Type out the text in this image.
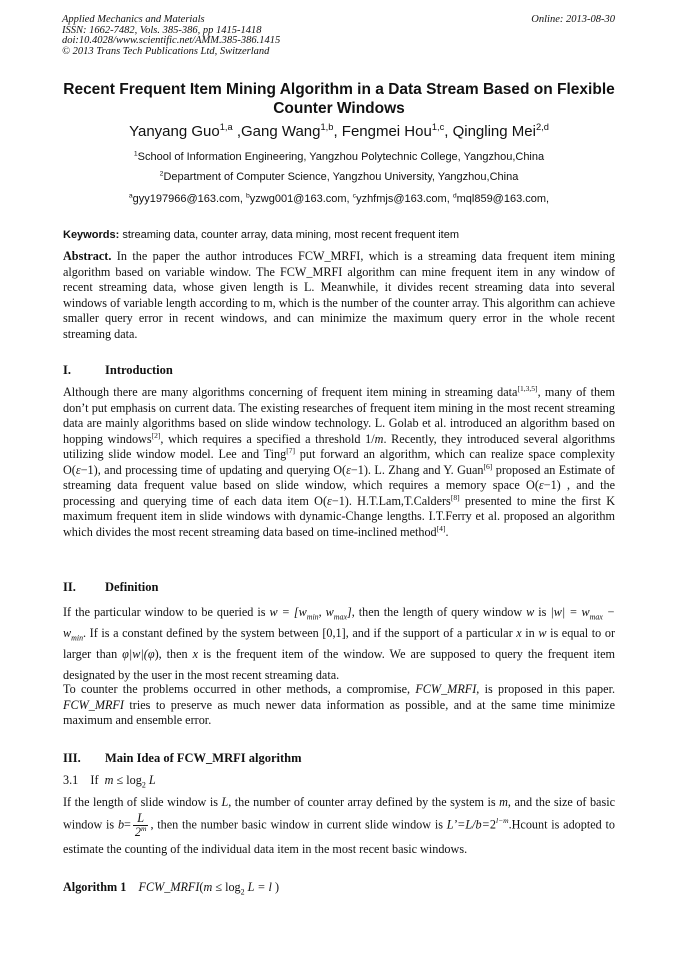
Applied Mechanics and Materials
ISSN: 1662-7482, Vols. 385-386, pp 1415-1418
doi:10.4028/www.scientific.net/AMM.385-386.1415
© 2013 Trans Tech Publications Ltd, Switzerland
Online: 2013-08-30
Recent Frequent Item Mining Algorithm in a Data Stream Based on Flexible Counter Windows
Yanyang Guo$^{1,a}$ ,Gang Wang$^{1,b}$, Fengmei Hou$^{1,c}$, Qingling Mei$^{2,d}$
$^1$School of Information Engineering, Yangzhou Polytechnic College, Yangzhou,China
$^2$Department of Computer Science, Yangzhou University, Yangzhou,China
$^a$gyy197966@163.com, $^b$yzwg001@163.com, $^c$yzhfmjs@163.com, $^d$mql859@163.com,
Keywords: streaming data, counter array, data mining, most recent frequent item
Abstract. In the paper the author introduces FCW_MRFI, which is a streaming data frequent item mining algorithm based on variable window. The FCW_MRFI algorithm can mine frequent item in any window of recent streaming data, whose given length is L. Meanwhile, it divides recent streaming data into several windows of variable length according to m, which is the number of the counter array. This algorithm can achieve smaller query error in recent windows, and can minimize the maximum query error in the whole recent streaming data.
I.	Introduction
Although there are many algorithms concerning of frequent item mining in streaming data[1,3,5], many of them don’t put emphasis on current data. The existing researches of frequent item mining in the most recent streaming data are mainly algorithms based on slide window technology. L. Golab et al. introduced an algorithm based on hopping windows[2], which requires a specified a threshold 1/m. Recently, they introduced several algorithms utilizing slide window model. Lee and Ting[7] put forward an algorithm, which can realize space complexity O(ε−1), and processing time of updating and querying O(ε−1). L. Zhang and Y. Guan[6] proposed an Estimate of streaming data frequent value based on slide window, which requires a memory space O(ε−1) , and the processing and querying time of each data item O(ε−1). H.T.Lam,T.Calders[8] presented to mine the first K maximum frequent item in slide windows with dynamic-Change lengths. I.T.Ferry et al. proposed an algorithm which divides the most recent streaming data based on time-inclined method[4].
II. Definition
If the particular window to be queried is $w = [w_{min}$, $w_{max}$], then the length of query window w is $|w| = w_{max} - w_{min}$. If is a constant defined by the system between [0,1], and if the support of a particular x in w is equal to or larger than φ|w|(φ), then x is the frequent item of the window. We are supposed to query the frequent item designated by the user in the most recent streaming data.
To counter the problems occurred in other methods, a compromise, FCW_MRFI, is proposed in this paper. FCW_MRFI tries to preserve as much newer data information as possible, and at the same time minimize maximum and ensemble error.
III. Main Idea of FCW_MRFI algorithm
3.1 If $m \le \log_2 L$
If the length of slide window is L, the number of counter array defined by the system is m, and the size of basic window is $b= \frac{L}{2^m}$ , then the number basic window in current slide window is $L’=L/b=2^{l-m}.Hcount$ is adopted to estimate the counting of the individual data item in the most recent basic windows.
Algorithm 1 FCW_MRFI(m ≤ $\log_2 L = l$ )
